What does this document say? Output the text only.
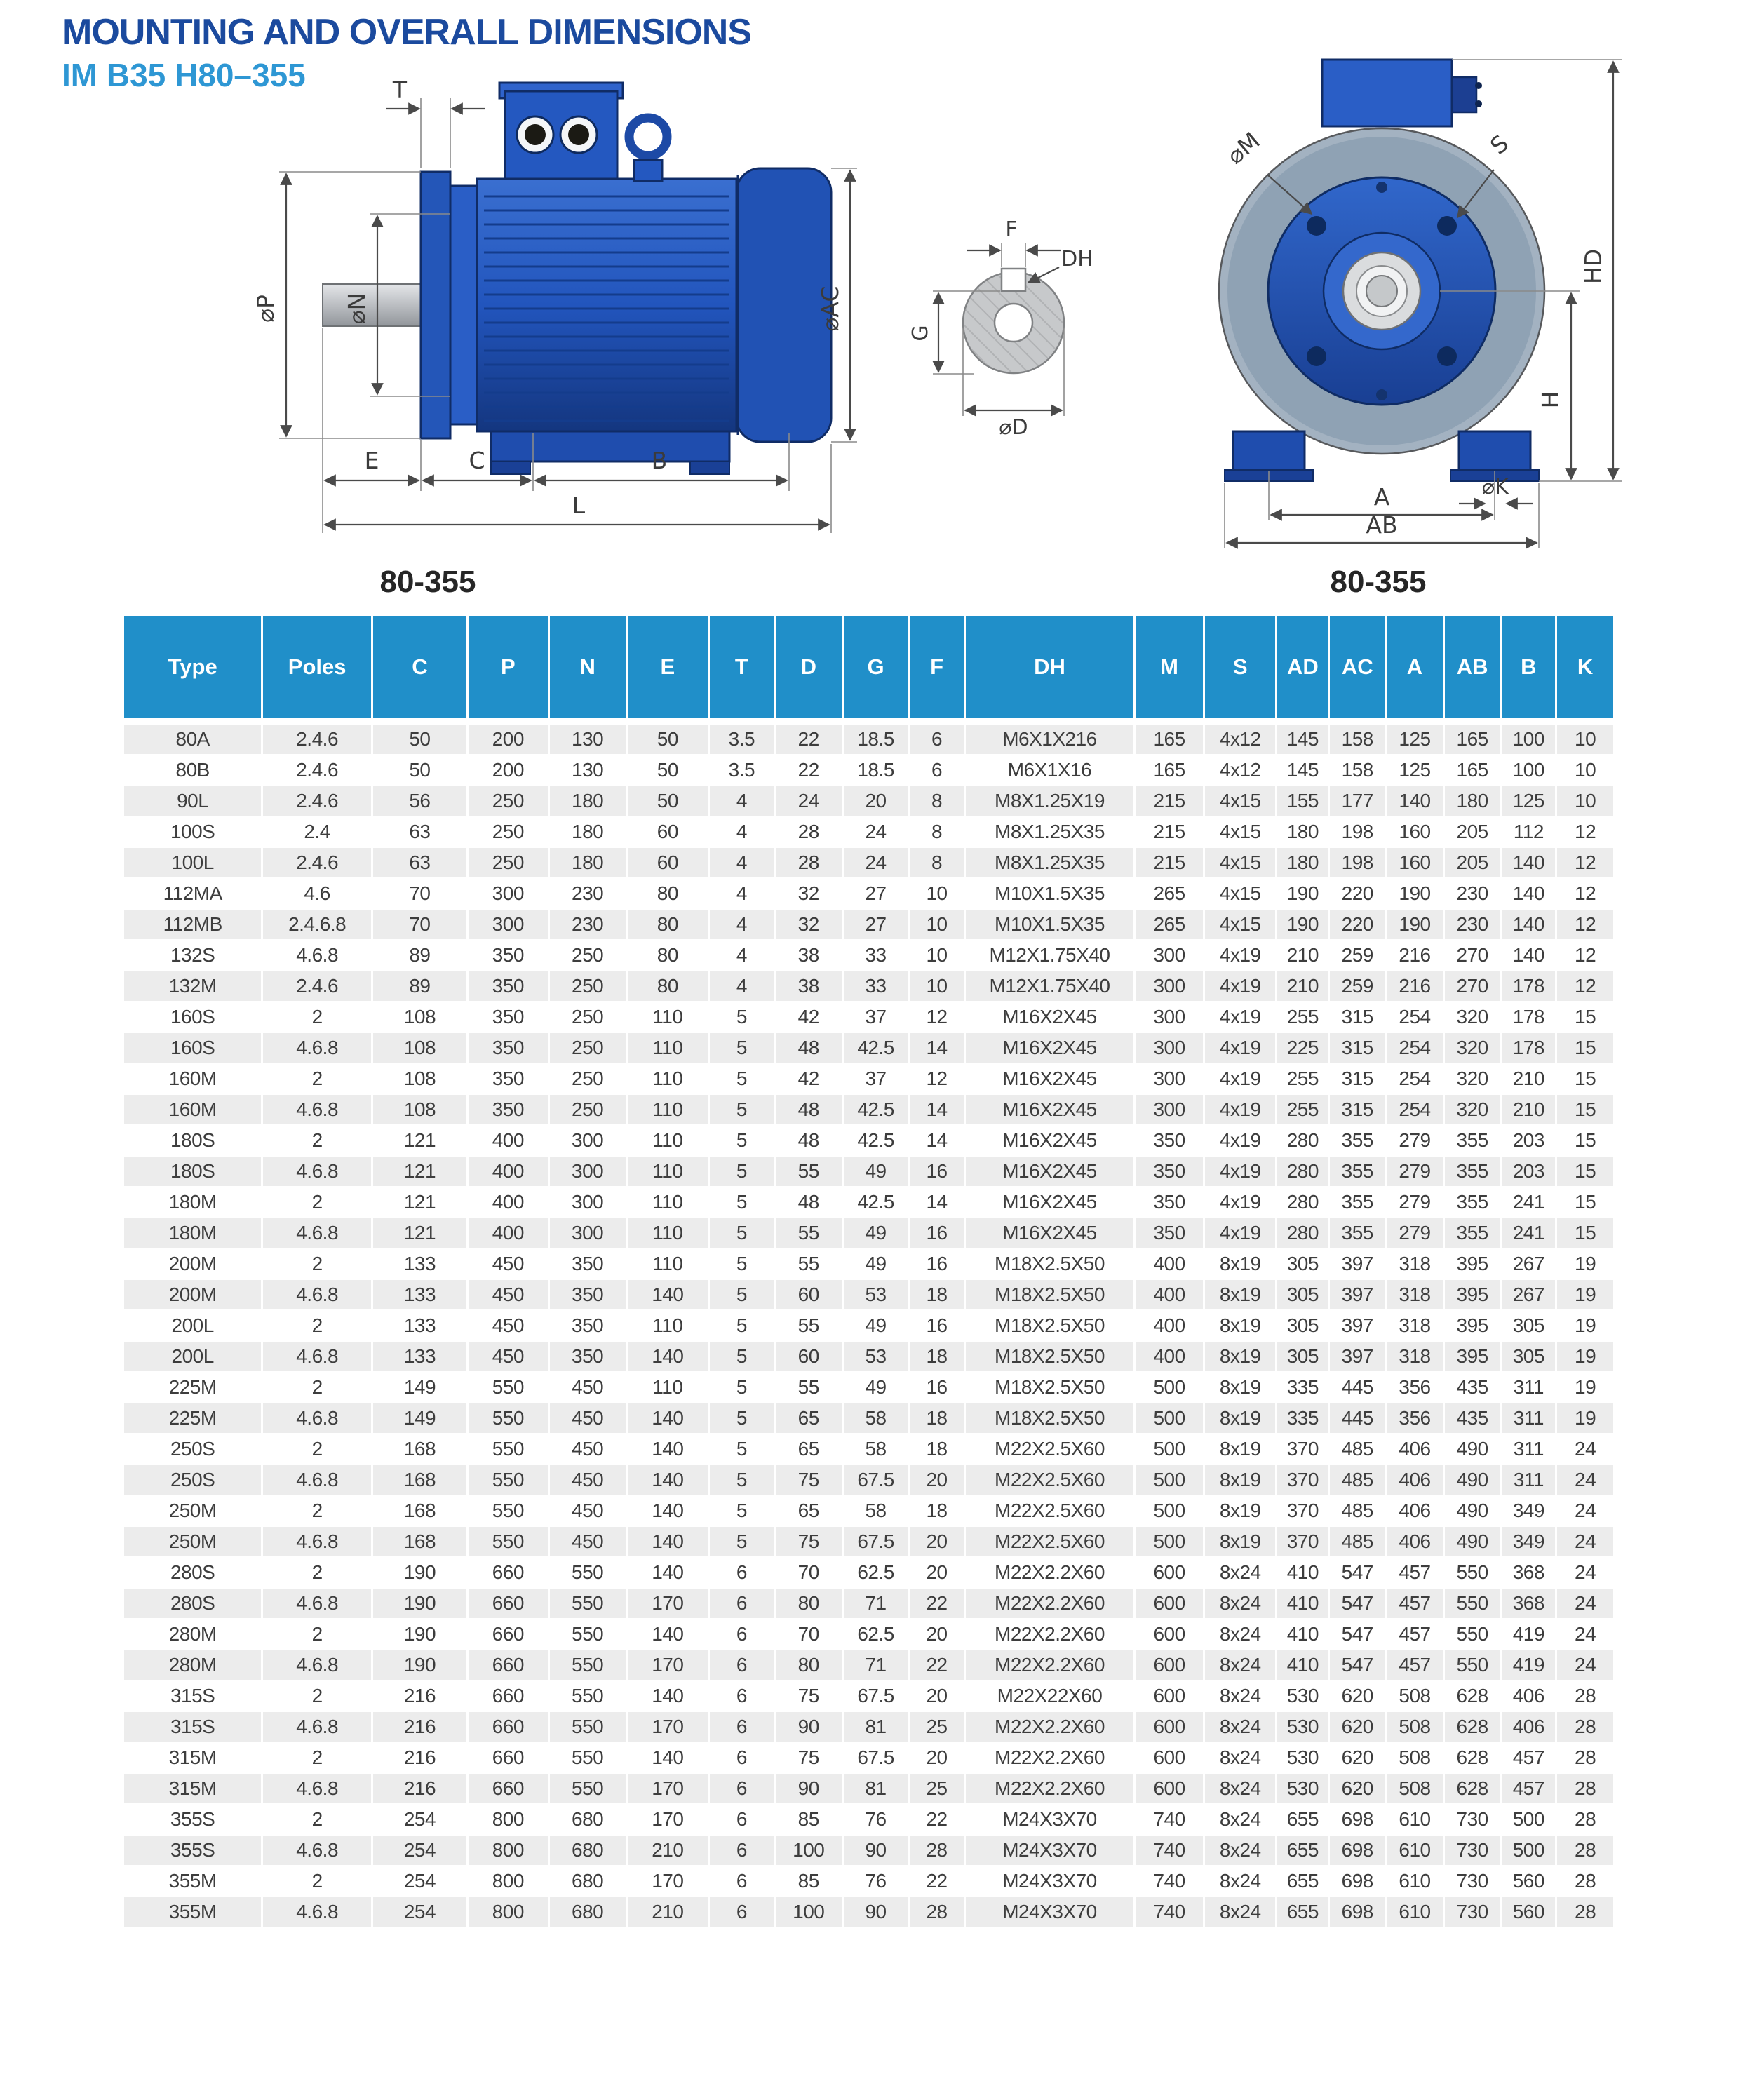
MOUNTING AND OVERALL DIMENSIONS
IM B35 H80–355	T
⌀P	⌀N	⌀AC
E	C	B
L
F
DH
G
⌀D
⌀M	S
HD
H
⌀K
A
AB
80-355	80-355
Type	Poles	C	P	N	E	T	D	G	F	DH	M	S	AD	AC	A	AB	B	K
80A	2.4.6	50	200	130	50	3.5	22	18.5	6	M6X1X216	165	4x12	145	158	125	165	100	10
80B	2.4.6	50	200	130	50	3.5	22	18.5	6	M6X1X16	165	4x12	145	158	125	165	100	10
90L	2.4.6	56	250	180	50	4	24	20	8	M8X1.25X19	215	4x15	155	177	140	180	125	10
100S	2.4	63	250	180	60	4	28	24	8	M8X1.25X35	215	4x15	180	198	160	205	112	12
100L	2.4.6	63	250	180	60	4	28	24	8	M8X1.25X35	215	4x15	180	198	160	205	140	12
112MA	4.6	70	300	230	80	4	32	27	10	M10X1.5X35	265	4x15	190	220	190	230	140	12
112MB	2.4.6.8	70	300	230	80	4	32	27	10	M10X1.5X35	265	4x15	190	220	190	230	140	12
132S	4.6.8	89	350	250	80	4	38	33	10	M12X1.75X40	300	4x19	210	259	216	270	140	12
132M	2.4.6	89	350	250	80	4	38	33	10	M12X1.75X40	300	4x19	210	259	216	270	178	12
160S	2	108	350	250	110	5	42	37	12	M16X2X45	300	4x19	255	315	254	320	178	15
160S	4.6.8	108	350	250	110	5	48	42.5	14	M16X2X45	300	4x19	225	315	254	320	178	15
160M	2	108	350	250	110	5	42	37	12	M16X2X45	300	4x19	255	315	254	320	210	15
160M	4.6.8	108	350	250	110	5	48	42.5	14	M16X2X45	300	4x19	255	315	254	320	210	15
180S	2	121	400	300	110	5	48	42.5	14	M16X2X45	350	4x19	280	355	279	355	203	15
180S	4.6.8	121	400	300	110	5	55	49	16	M16X2X45	350	4x19	280	355	279	355	203	15
180M	2	121	400	300	110	5	48	42.5	14	M16X2X45	350	4x19	280	355	279	355	241	15
180M	4.6.8	121	400	300	110	5	55	49	16	M16X2X45	350	4x19	280	355	279	355	241	15
200M	2	133	450	350	110	5	55	49	16	M18X2.5X50	400	8x19	305	397	318	395	267	19
200M	4.6.8	133	450	350	140	5	60	53	18	M18X2.5X50	400	8x19	305	397	318	395	267	19
200L	2	133	450	350	110	5	55	49	16	M18X2.5X50	400	8x19	305	397	318	395	305	19
200L	4.6.8	133	450	350	140	5	60	53	18	M18X2.5X50	400	8x19	305	397	318	395	305	19
225M	2	149	550	450	110	5	55	49	16	M18X2.5X50	500	8x19	335	445	356	435	311	19
225M	4.6.8	149	550	450	140	5	65	58	18	M18X2.5X50	500	8x19	335	445	356	435	311	19
250S	2	168	550	450	140	5	65	58	18	M22X2.5X60	500	8x19	370	485	406	490	311	24
250S	4.6.8	168	550	450	140	5	75	67.5	20	M22X2.5X60	500	8x19	370	485	406	490	311	24
250M	2	168	550	450	140	5	65	58	18	M22X2.5X60	500	8x19	370	485	406	490	349	24
250M	4.6.8	168	550	450	140	5	75	67.5	20	M22X2.5X60	500	8x19	370	485	406	490	349	24
280S	2	190	660	550	140	6	70	62.5	20	M22X2.2X60	600	8x24	410	547	457	550	368	24
280S	4.6.8	190	660	550	170	6	80	71	22	M22X2.2X60	600	8x24	410	547	457	550	368	24
280M	2	190	660	550	140	6	70	62.5	20	M22X2.2X60	600	8x24	410	547	457	550	419	24
280M	4.6.8	190	660	550	170	6	80	71	22	M22X2.2X60	600	8x24	410	547	457	550	419	24
315S	2	216	660	550	140	6	75	67.5	20	M22X22X60	600	8x24	530	620	508	628	406	28
315S	4.6.8	216	660	550	170	6	90	81	25	M22X2.2X60	600	8x24	530	620	508	628	406	28
315M	2	216	660	550	140	6	75	67.5	20	M22X2.2X60	600	8x24	530	620	508	628	457	28
315M	4.6.8	216	660	550	170	6	90	81	25	M22X2.2X60	600	8x24	530	620	508	628	457	28
355S	2	254	800	680	170	6	85	76	22	M24X3X70	740	8x24	655	698	610	730	500	28
355S	4.6.8	254	800	680	210	6	100	90	28	M24X3X70	740	8x24	655	698	610	730	500	28
355M	2	254	800	680	170	6	85	76	22	M24X3X70	740	8x24	655	698	610	730	560	28
355M	4.6.8	254	800	680	210	6	100	90	28	M24X3X70	740	8x24	655	698	610	730	560	28
